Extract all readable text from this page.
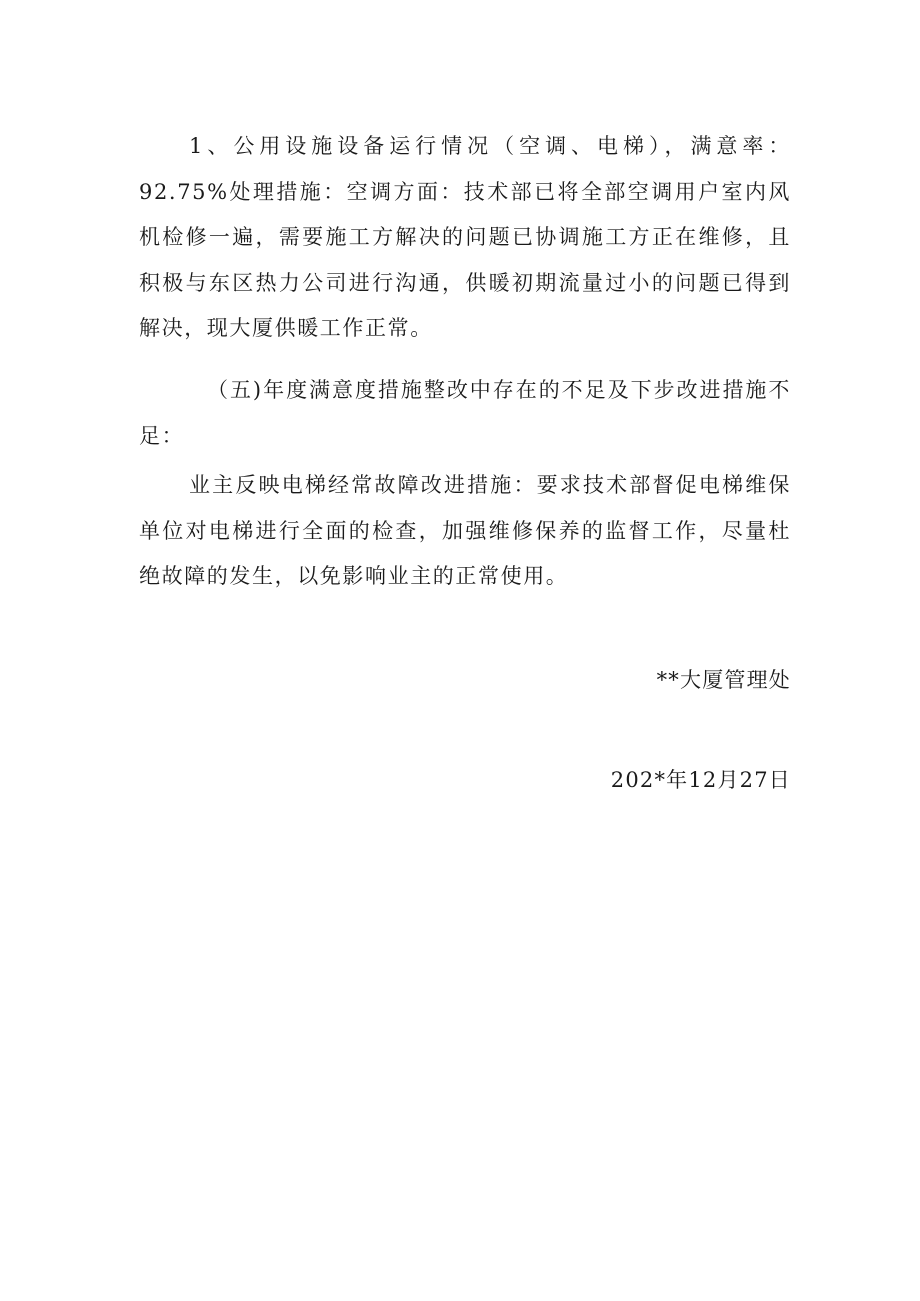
1、公用设施设备运行情况（空调、电梯），满意率：92.75%处理措施：空调方面：技术部已将全部空调用户室内风机检修一遍，需要施工方解决的问题已协调施工方正在维修，且积极与东区热力公司进行沟通，供暖初期流量过小的问题已得到解决，现大厦供暖工作正常。

（五)年度满意度措施整改中存在的不足及下步改进措施不足：

业主反映电梯经常故障改进措施：要求技术部督促电梯维保单位对电梯进行全面的检查，加强维修保养的监督工作，尽量杜绝故障的发生，以免影响业主的正常使用。

**大厦管理处

202*年12月27日
